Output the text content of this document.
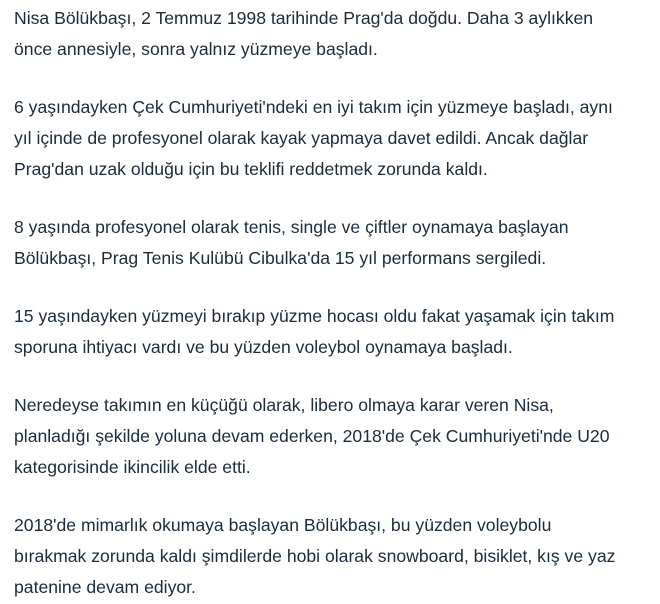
Nisa Bölükbaşı, 2 Temmuz 1998 tarihinde Prag'da doğdu. Daha 3 aylıkken
önce annesiyle, sonra yalnız yüzmeye başladı.

6 yaşındayken Çek Cumhuriyeti'ndeki en iyi takım için yüzmeye başladı, aynı
yıl içinde de profesyonel olarak kayak yapmaya davet edildi. Ancak dağlar
Prag'dan uzak olduğu için bu teklifi reddetmek zorunda kaldı.

8 yaşında profesyonel olarak tenis, single ve çiftler oynamaya başlayan
Bölükbaşı, Prag Tenis Kulübü Cibulka'da 15 yıl performans sergiledi.

15 yaşındayken yüzmeyi bırakıp yüzme hocası oldu fakat yaşamak için takım
sporuna ihtiyacı vardı ve bu yüzden voleybol oynamaya başladı.

Neredeyse takımın en küçüğü olarak, libero olmaya karar veren Nisa,
planladığı şekilde yoluna devam ederken, 2018'de Çek Cumhuriyeti'nde U20
kategorisinde ikincilik elde etti.

2018'de mimarlık okumaya başlayan Bölükbaşı, bu yüzden voleybolu
bırakmak zorunda kaldı şimdilerde hobi olarak snowboard, bisiklet, kış ve yaz
patenine devam ediyor.
